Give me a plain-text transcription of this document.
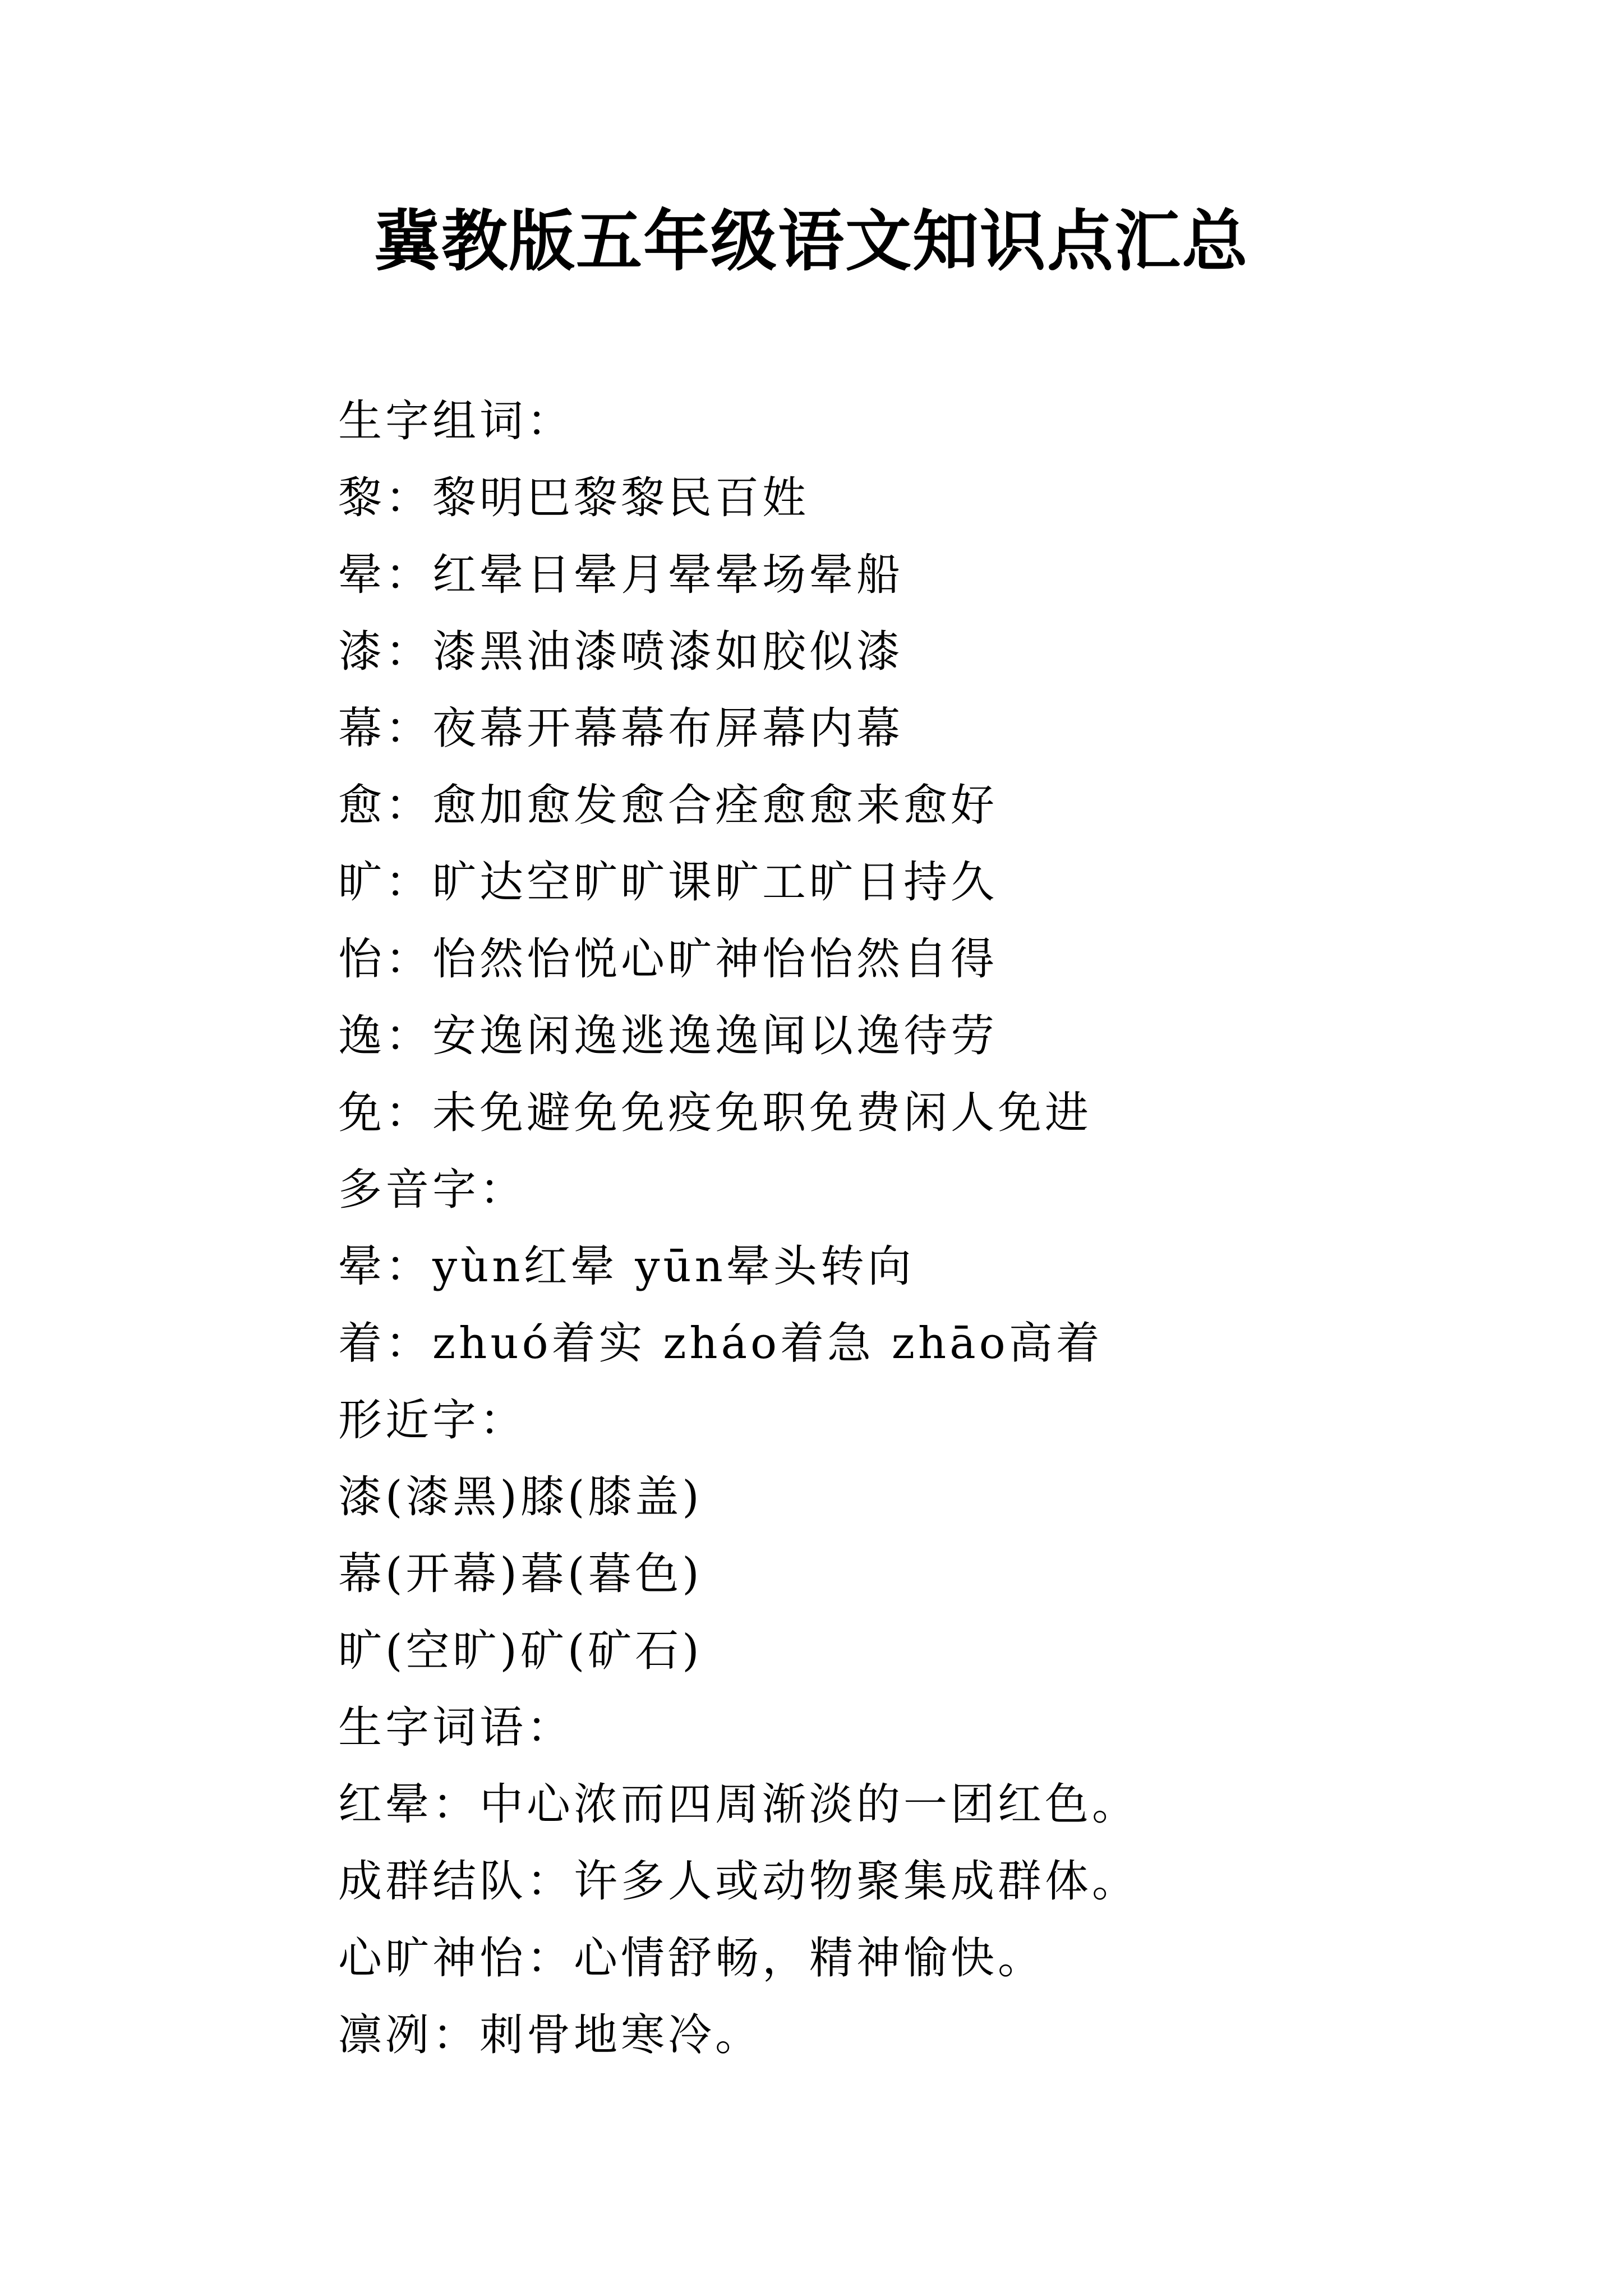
冀教版五年级语文知识点汇总
生字组词：
黎：黎明巴黎黎民百姓
晕：红晕日晕月晕晕场晕船
漆：漆黑油漆喷漆如胶似漆
幕：夜幕开幕幕布屏幕内幕
愈：愈加愈发愈合痊愈愈来愈好
旷：旷达空旷旷课旷工旷日持久
怡：怡然怡悦心旷神怡怡然自得
逸：安逸闲逸逃逸逸闻以逸待劳
免：未免避免免疫免职免费闲人免进
多音字：
晕：yùn红晕 yūn晕头转向
着：zhuó着实 zháo着急 zhāo高着
形近字：
漆(漆黑)膝(膝盖)
幕(开幕)暮(暮色)
旷(空旷)矿(矿石)
生字词语：
红晕：中心浓而四周渐淡的一团红色。
成群结队：许多人或动物聚集成群体。
心旷神怡：心情舒畅，精神愉快。
凛冽：刺骨地寒冷。
